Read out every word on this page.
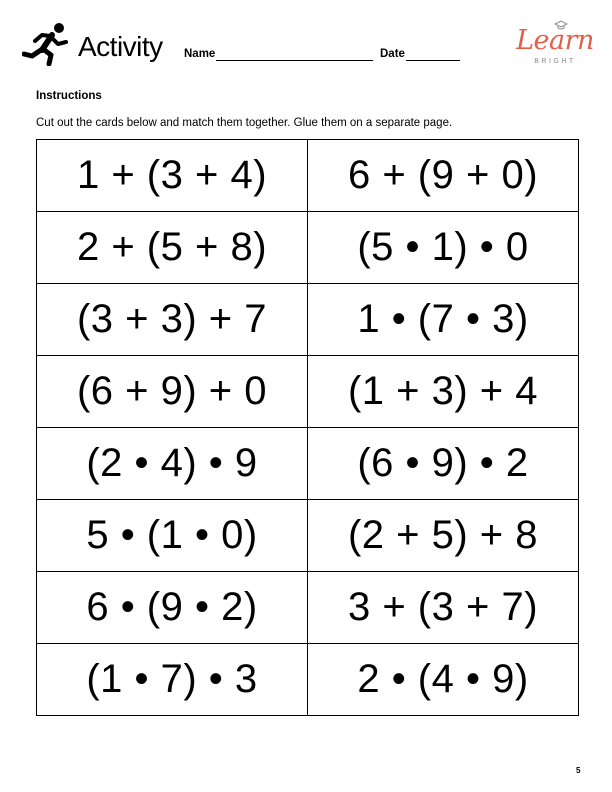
Activity Name	Date	Learn
BRIGHT
Instructions
Cut out the cards below and match them together. Glue them on a separate page.
1 + (3 + 4)	6 + (9 + 0)
2 + (5 + 8)	(5 • 1) • 0
(3 + 3) + 7	1 • (7 • 3)
(6 + 9) + 0	(1 + 3) + 4
(2 • 4) • 9	(6 • 9) • 2
5 • (1 • 0)	(2 + 5) + 8
6 • (9 • 2)	3 + (3 + 7)
(1 • 7) • 3	2 • (4 • 9)
5
